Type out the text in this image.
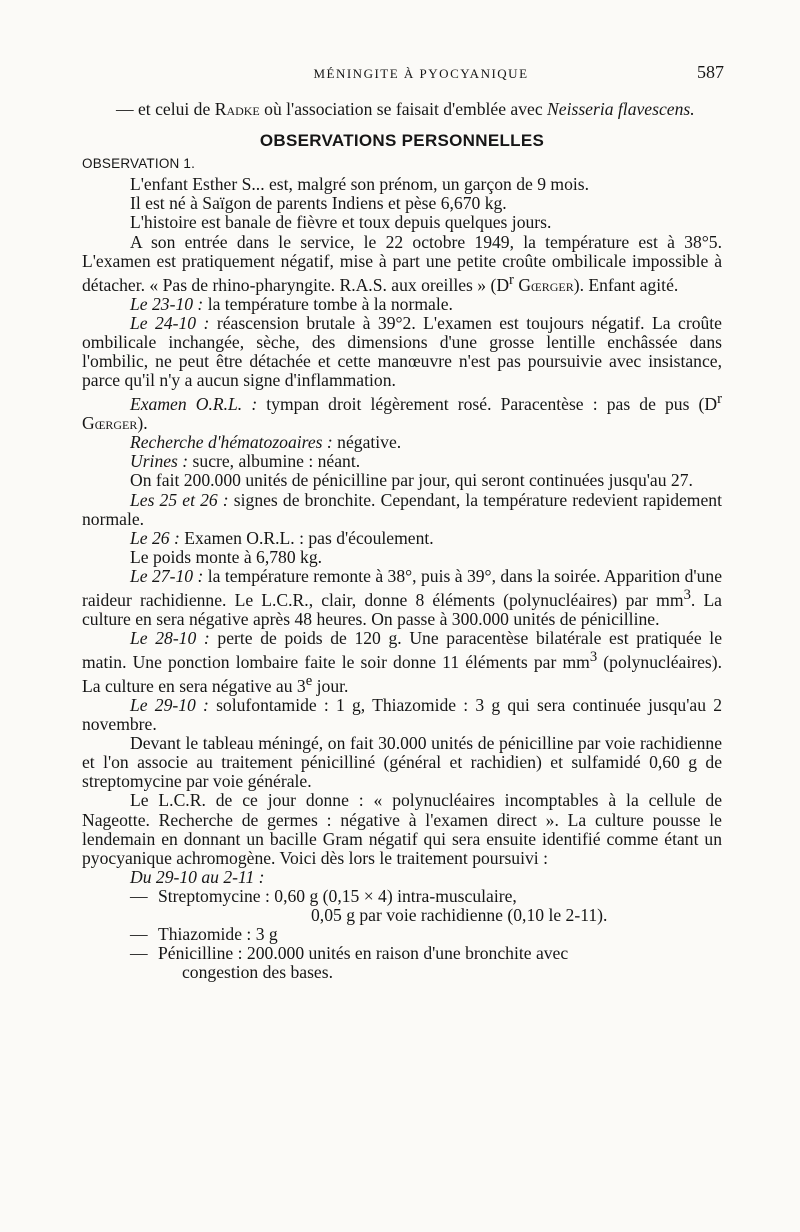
MÉNINGITE À PYOCYANIQUE	587

— et celui de Radke où l'association se faisait d'emblée avec Neisseria flavescens.

OBSERVATIONS PERSONNELLES
OBSERVATION 1.

L'enfant Esther S... est, malgré son prénom, un garçon de 9 mois.

Il est né à Saïgon de parents Indiens et pèse 6,670 kg.

L'histoire est banale de fièvre et toux depuis quelques jours.

A son entrée dans le service, le 22 octobre 1949, la température est à 38°5. L'examen est pratiquement négatif, mise à part une petite croûte ombilicale impossible à détacher. « Pas de rhino-pharyngite. R.A.S. aux oreilles » ($D^r$ Gœrger). Enfant agité.

Le 23-10 : la température tombe à la normale.

Le 24-10 : réascension brutale à 39°2. L'examen est toujours négatif. La croûte ombilicale inchangée, sèche, des dimensions d'une grosse lentille enchâssée dans l'ombilic, ne peut être détachée et cette manœuvre n'est pas poursuivie avec insistance, parce qu'il n'y a aucun signe d'inflammation.

Examen O.R.L. : tympan droit légèrement rosé. Paracentèse : pas de pus ($D^r$ Gœrger).

Recherche d'hématozoaires : négative.

Urines : sucre, albumine : néant.

On fait 200.000 unités de pénicilline par jour, qui seront continuées jusqu'au 27.

Les 25 et 26 : signes de bronchite. Cependant, la température redevient rapidement normale.

Le 26 : Examen O.R.L. : pas d'écoulement.

Le poids monte à 6,780 kg.

Le 27-10 : la température remonte à 38°, puis à 39°, dans la soirée. Apparition d'une raideur rachidienne. Le L.C.R., clair, donne 8 éléments (polynucléaires) par $mm^3$. La culture en sera négative après 48 heures. On passe à 300.000 unités de pénicilline.

Le 28-10 : perte de poids de 120 g. Une paracentèse bilatérale est pratiquée le matin. Une ponction lombaire faite le soir donne 11 éléments par $mm^3$ (polynucléaires). La culture en sera négative au 3e jour.

Le 29-10 : solufontamide : 1 g, Thiazomide : 3 g qui sera continuée jusqu'au 2 novembre.

Devant le tableau méningé, on fait 30.000 unités de pénicilline par voie rachidienne et l'on associe au traitement pénicilliné (général et rachidien) et sulfamidé 0,60 g de streptomycine par voie générale.

Le L.C.R. de ce jour donne : « polynucléaires incomptables à la cellule de Nageotte. Recherche de germes : négative à l'examen direct ». La culture pousse le lendemain en donnant un bacille Gram négatif qui sera ensuite identifié comme étant un pyocyanique achromogène. Voici dès lors le traitement poursuivi :

Du 29-10 au 2-11 :

— Streptomycine : 0,60 g (0,15 × 4) intra-musculaire,
0,05 g par voie rachidienne (0,10 le 2-11).
— Thiazomide : 3 g
— Pénicilline : 200.000 unités en raison d'une bronchite avec
congestion des bases.
